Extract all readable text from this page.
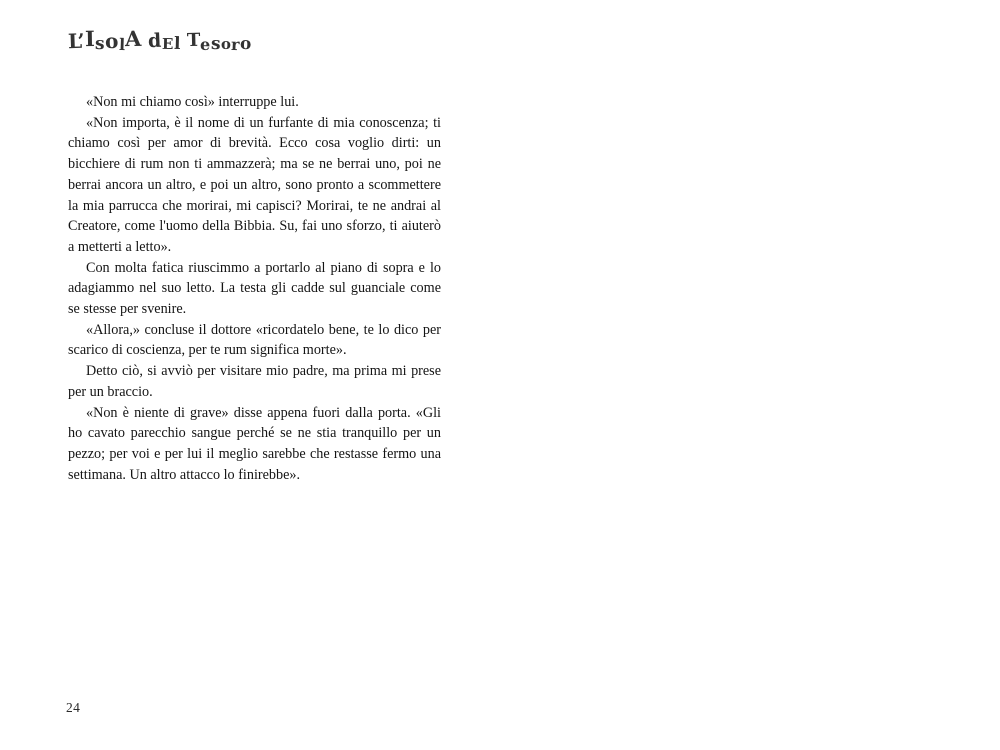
L’IsolA dEl Tesoro

«Non mi chiamo così» interruppe lui.

«Non importa, è il nome di un furfante di mia conoscenza; ti chiamo così per amor di brevità. Ecco cosa voglio dirti: un bicchiere di rum non ti ammazzerà; ma se ne berrai uno, poi ne berrai ancora un altro, e poi un altro, sono pronto a scommettere la mia parrucca che morirai, mi capisci? Morirai, te ne andrai al Creatore, come l'uomo della Bibbia. Su, fai uno sforzo, ti aiuterò a metterti a letto».

Con molta fatica riuscimmo a portarlo al piano di sopra e lo adagiammo nel suo letto. La testa gli cadde sul guanciale come se stesse per svenire.

«Allora,» concluse il dottore «ricordatelo bene, te lo dico per scarico di coscienza, per te rum significa morte».

Detto ciò, si avviò per visitare mio padre, ma prima mi prese per un braccio.

«Non è niente di grave» disse appena fuori dalla porta. «Gli ho cavato parecchio sangue perché se ne stia tranquillo per un pezzo; per voi e per lui il meglio sarebbe che restasse fermo una settimana. Un altro attacco lo finirebbe».

24
